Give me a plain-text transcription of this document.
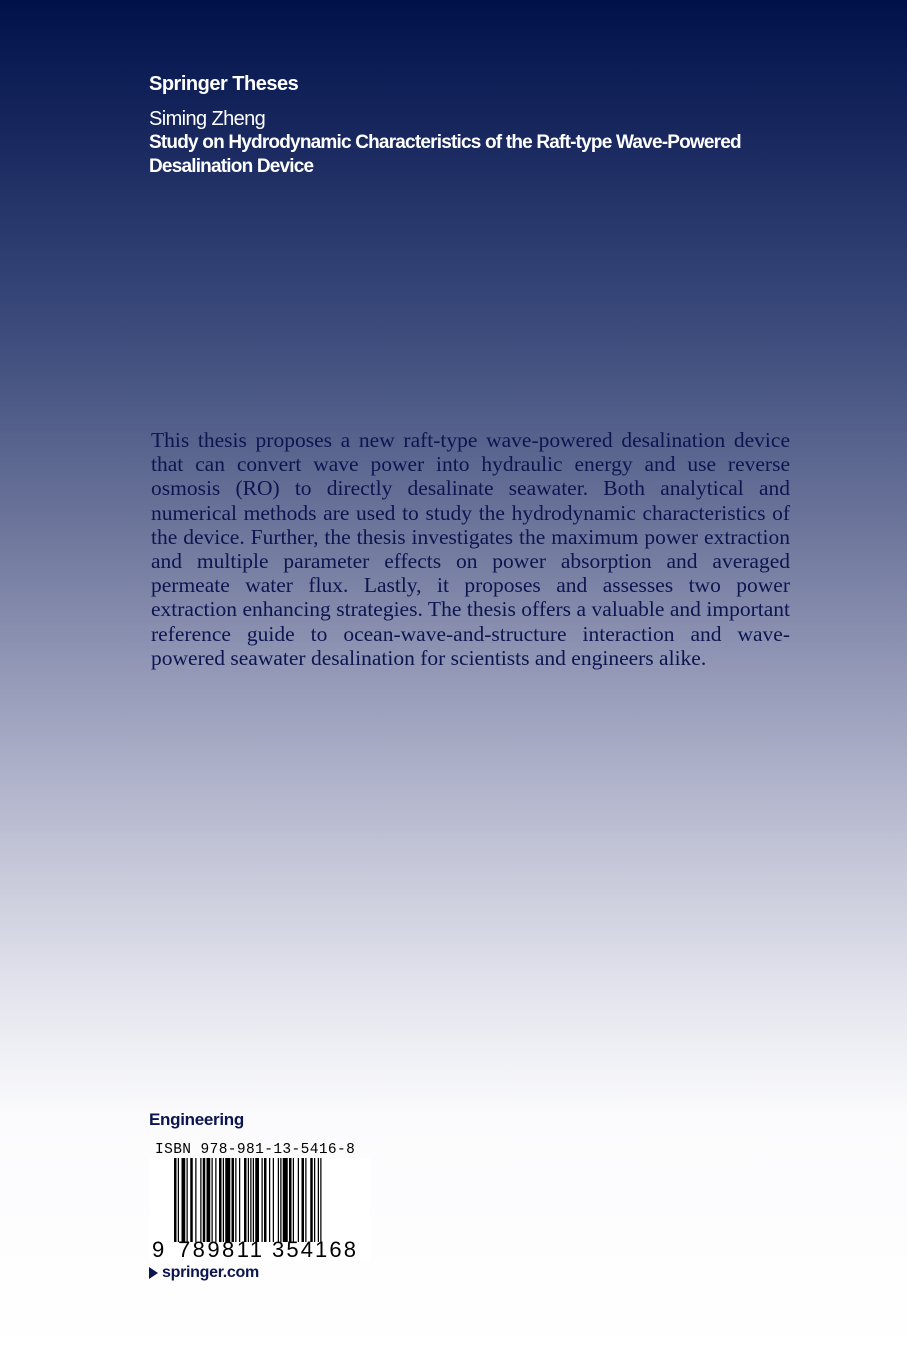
Springer Theses
Siming Zheng
Study on Hydrodynamic Characteristics of the Raft-type Wave-Powered Desalination Device

This thesis proposes a new raft-type wave-powered desalination device that can convert wave power into hydraulic energy and use reverse osmosis (RO) to directly desalinate seawater. Both analytical and numerical methods are used to study the hydrodynamic characteristics of the device. Further, the thesis investigates the maximum power extraction and multiple parameter effects on power absorption and averaged permeate water flux. Lastly, it proposes and assesses two power extraction enhancing strategies. The thesis offers a valuable and important reference guide to ocean-wave-and-structure interaction and wave-powered seawater desalination for scientists and engineers alike.

Engineering
ISBN 978-981-13-5416-8
9 789811 354168
springer.com
